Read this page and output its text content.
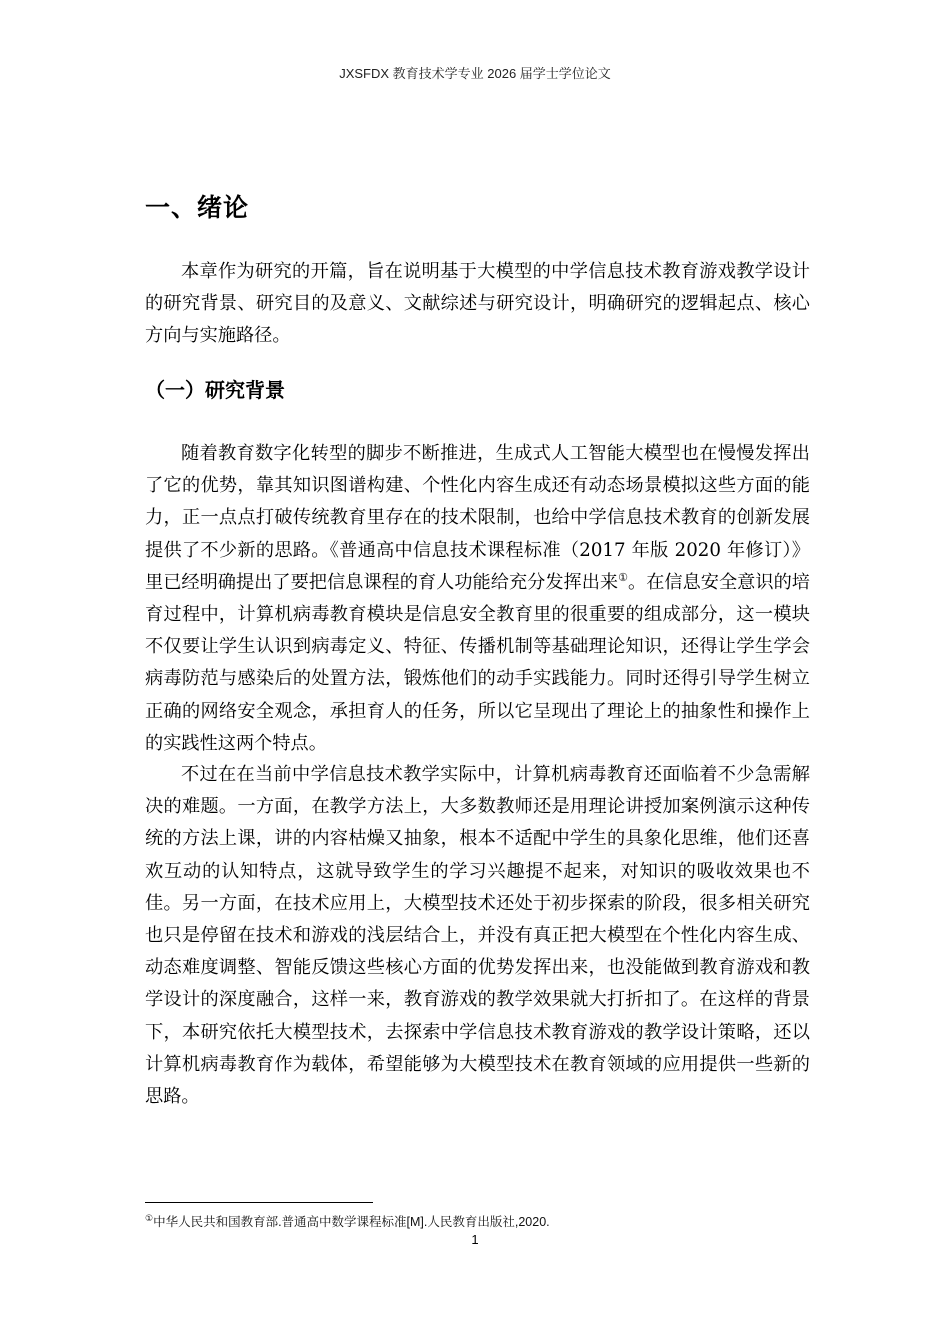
JXSFDX 教育技术学专业 2026 届学士学位论文
一、绪论

本章作为研究的开篇，旨在说明基于大模型的中学信息技术教育游戏教学设计的研究背景、研究目的及意义、文献综述与研究设计，明确研究的逻辑起点、核心方向与实施路径。

（一）研究背景

随着教育数字化转型的脚步不断推进，生成式人工智能大模型也在慢慢发挥出了它的优势，靠其知识图谱构建、个性化内容生成还有动态场景模拟这些方面的能力，正一点点打破传统教育里存在的技术限制，也给中学信息技术教育的创新发展提供了不少新的思路。《普通高中信息技术课程标准（2017 年版 2020 年修订）》里已经明确提出了要把信息课程的育人功能给充分发挥出来①。在信息安全意识的培育过程中，计算机病毒教育模块是信息安全教育里的很重要的组成部分，这一模块不仅要让学生认识到病毒定义、特征、传播机制等基础理论知识，还得让学生学会病毒防范与感染后的处置方法，锻炼他们的动手实践能力。同时还得引导学生树立正确的网络安全观念，承担育人的任务，所以它呈现出了理论上的抽象性和操作上的实践性这两个特点。

不过在在当前中学信息技术教学实际中，计算机病毒教育还面临着不少急需解决的难题。一方面，在教学方法上，大多数教师还是用理论讲授加案例演示这种传统的方法上课，讲的内容枯燥又抽象，根本不适配中学生的具象化思维，他们还喜欢互动的认知特点，这就导致学生的学习兴趣提不起来，对知识的吸收效果也不佳。另一方面，在技术应用上，大模型技术还处于初步探索的阶段，很多相关研究也只是停留在技术和游戏的浅层结合上，并没有真正把大模型在个性化内容生成、动态难度调整、智能反馈这些核心方面的优势发挥出来，也没能做到教育游戏和教学设计的深度融合，这样一来，教育游戏的教学效果就大打折扣了。在这样的背景下，本研究依托大模型技术，去探索中学信息技术教育游戏的教学设计策略，还以计算机病毒教育作为载体，希望能够为大模型技术在教育领域的应用提供一些新的思路。

①中华人民共和国教育部.普通高中数学课程标准[M].人民教育出版社,2020.
1
